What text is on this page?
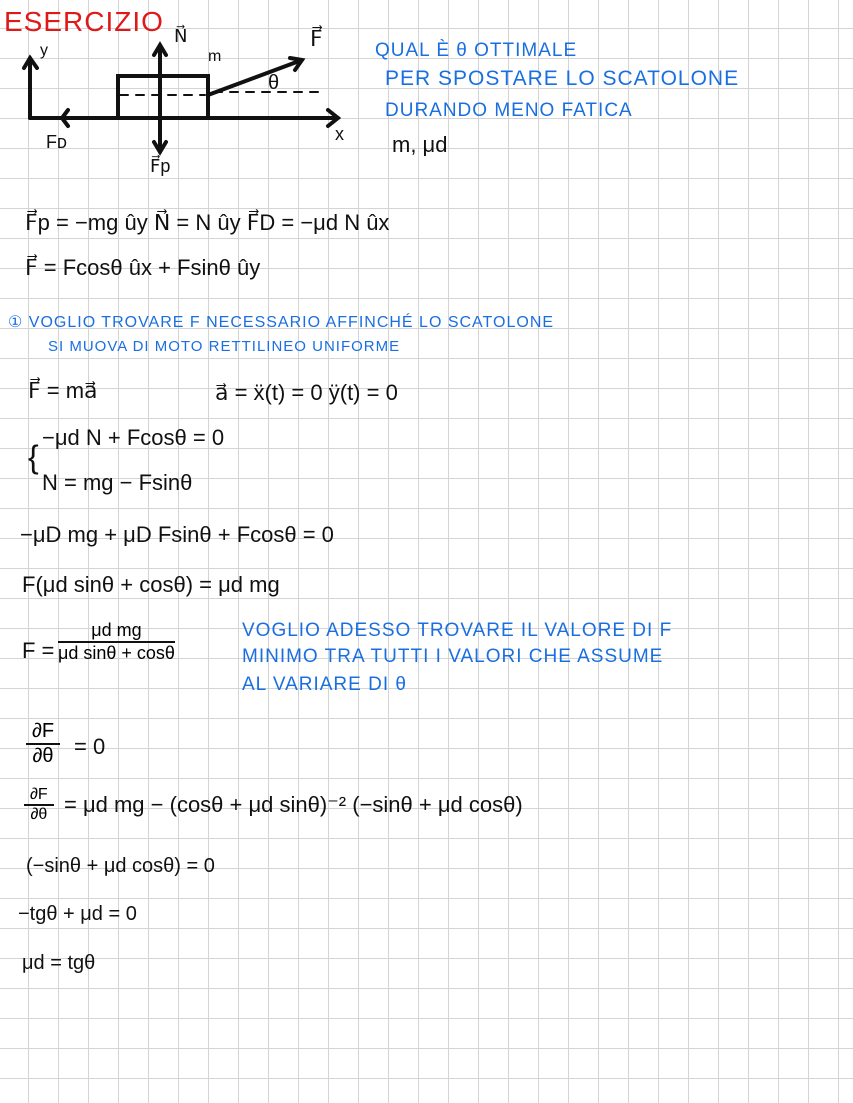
ESERCIZIO
y
x
N⃗
m
F⃗
θ
Fᴅ
F⃗p
QUAL È θ OTTIMALE
PER SPOSTARE LO SCATOLONE
DURANDO MENO FATICA
m, μd
F⃗p = −mg ûy N⃗ = N ûy F⃗D = −μd N ûx
F⃗ = Fcosθ ûx + Fsinθ ûy
① VOGLIO TROVARE F NECESSARIO AFFINCHÉ LO SCATOLONE
SI MUOVA DI MOTO RETTILINEO UNIFORME
F⃗ = ma⃗	a⃗ = ẍ(t) = 0 ÿ(t) = 0
{
−μd N + Fcosθ = 0
N = mg − Fsinθ
−μD mg + μD Fsinθ + Fcosθ = 0
F(μd sinθ + cosθ) = μd mg
$F = \frac{\text{μd mg}}{\text{μd sinθ + cosθ}}$	VOGLIO ADESSO TROVARE IL VALORE DI F
MINIMO TRA TUTTI I VALORI CHE ASSUME
AL VARIARE DI θ
$\frac{\partial F}{\partial\theta} = 0$
$\frac{\partial F}{\partial\theta} = \mu d$ mg − (cosθ + μd sinθ)⁻² (−sinθ + μd cosθ)
(−sinθ + μd cosθ) = 0
−tgθ + μd = 0
μd = tgθ
